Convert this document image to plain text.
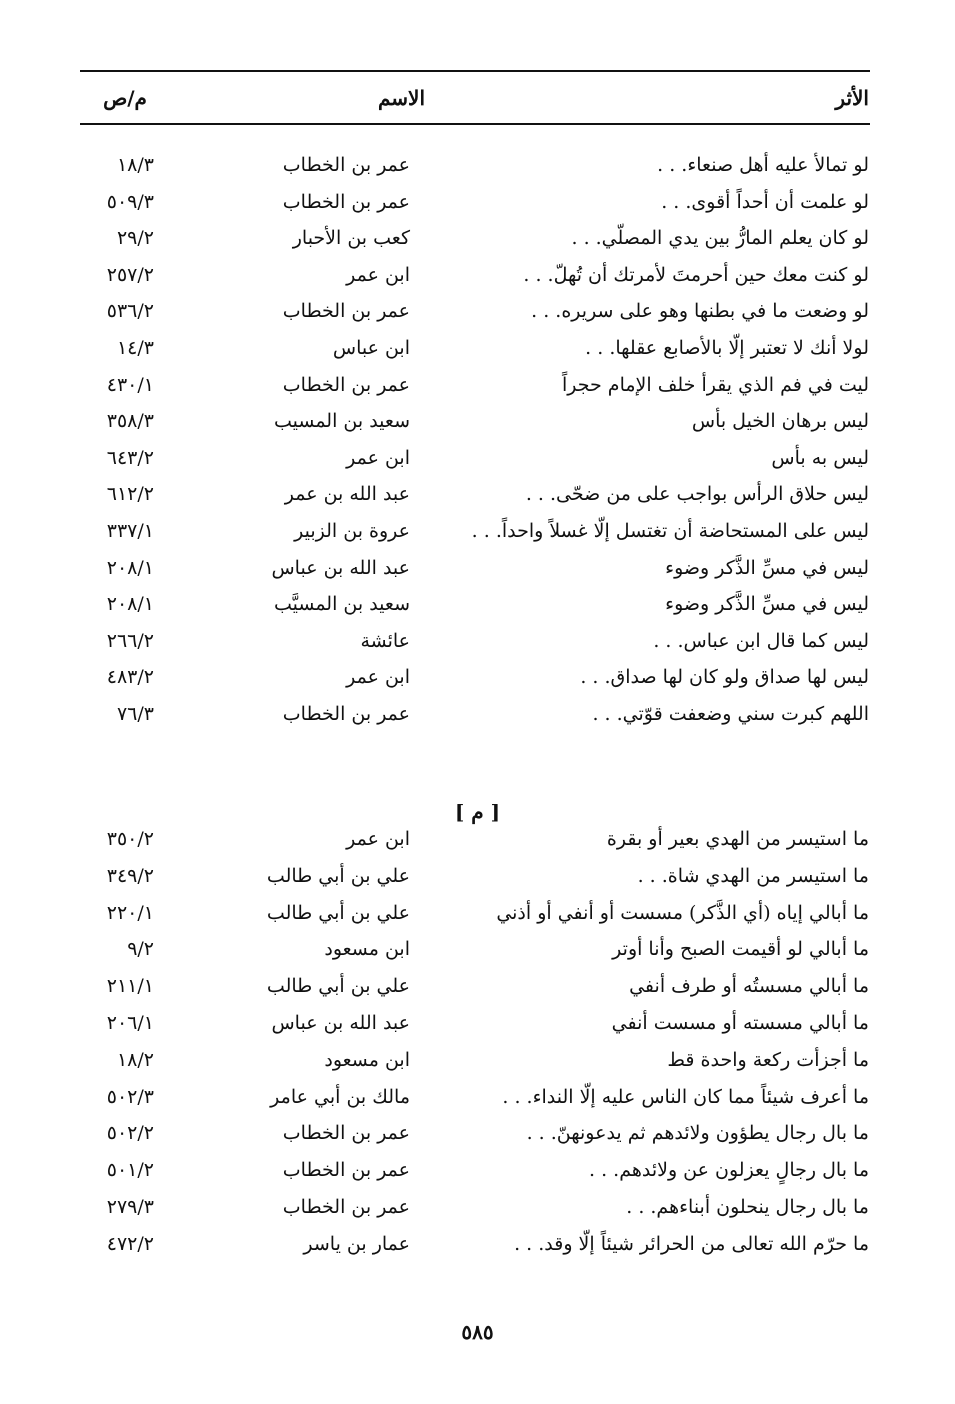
الأثر
الاسم
م/ص
لو تمالأ عليه أهل صنعاء. . .
عمر بن الخطاب
١٨/٣
لو علمت أن أحداً أقوى. . .
عمر بن الخطاب
٥٠٩/٣
لو كان يعلم المارُّ بين يدي المصلّي. . .
كعب بن الأحبار
٢٩/٢
لو كنت معك حين أحرمتَ لأمرتك أن تُهلّ. . .
ابن عمر
٢٥٧/٢
لو وضعت ما في بطنها وهو على سريره. . .
عمر بن الخطاب
٥٣٦/٢
لولا أنك لا تعتبر إلّا بالأصابع عقلها. . .
ابن عباس
١٤/٣
ليت في فم الذي يقرأ خلف الإمام حجراً
عمر بن الخطاب
٤٣٠/١
ليس برهان الخيل بأس
سعيد بن المسيب
٣٥٨/٣
ليس به بأس
ابن عمر
٦٤٣/٢
ليس حلاق الرأس بواجب على من ضحّى. . .
عبد الله بن عمر
٦١٢/٢
ليس على المستحاضة أن تغتسل إلّا غسلاً واحداً. . .
عروة بن الزبير
٣٣٧/١
ليس في مسِّ الذَّكر وضوء
عبد الله بن عباس
٢٠٨/١
ليس في مسِّ الذَّكر وضوء
سعيد بن المسيَّب
٢٠٨/١
ليس كما قال ابن عباس. . .
عائشة
٢٦٦/٢
ليس لها صداق ولو كان لها صداق. . .
ابن عمر
٤٨٣/٢
اللهم كبرت سني وضعفت قوّتي. . .
عمر بن الخطاب
٧٦/٣
[ م ]
ما استيسر من الهدي بعير أو بقرة
ابن عمر
٣٥٠/٢
ما استيسر من الهدي شاة. . .
علي بن أبي طالب
٣٤٩/٢
ما أبالي إياه (أي الذَّكر) مسست أو أنفي أو أذني
علي بن أبي طالب
٢٢٠/١
ما أبالي لو أقيمت الصبح وأنا أوتر
ابن مسعود
٩/٢
ما أبالي مسستُه أو طرف أنفي
علي بن أبي طالب
٢١١/١
ما أبالي مسسته أو مسست أنفي
عبد الله بن عباس
٢٠٦/١
ما أجزأت ركعة واحدة قط
ابن مسعود
١٨/٢
ما أعرف شيئاً مما كان الناس عليه إلّا النداء. . .
مالك بن أبي عامر
٥٠٢/٣
ما بال رجال يطؤون ولائدهم ثم يدعونهنّ. . .
عمر بن الخطاب
٥٠٢/٢
ما بال رجالٍ يعزلون عن ولائدهم. . .
عمر بن الخطاب
٥٠١/٢
ما بال رجال ينحلون أبناءهم. . .
عمر بن الخطاب
٢٧٩/٣
ما حرّم الله تعالى من الحرائر شيئاً إلّا وقد. . .
عمار بن ياسر
٤٧٢/٢
٥٨٥
